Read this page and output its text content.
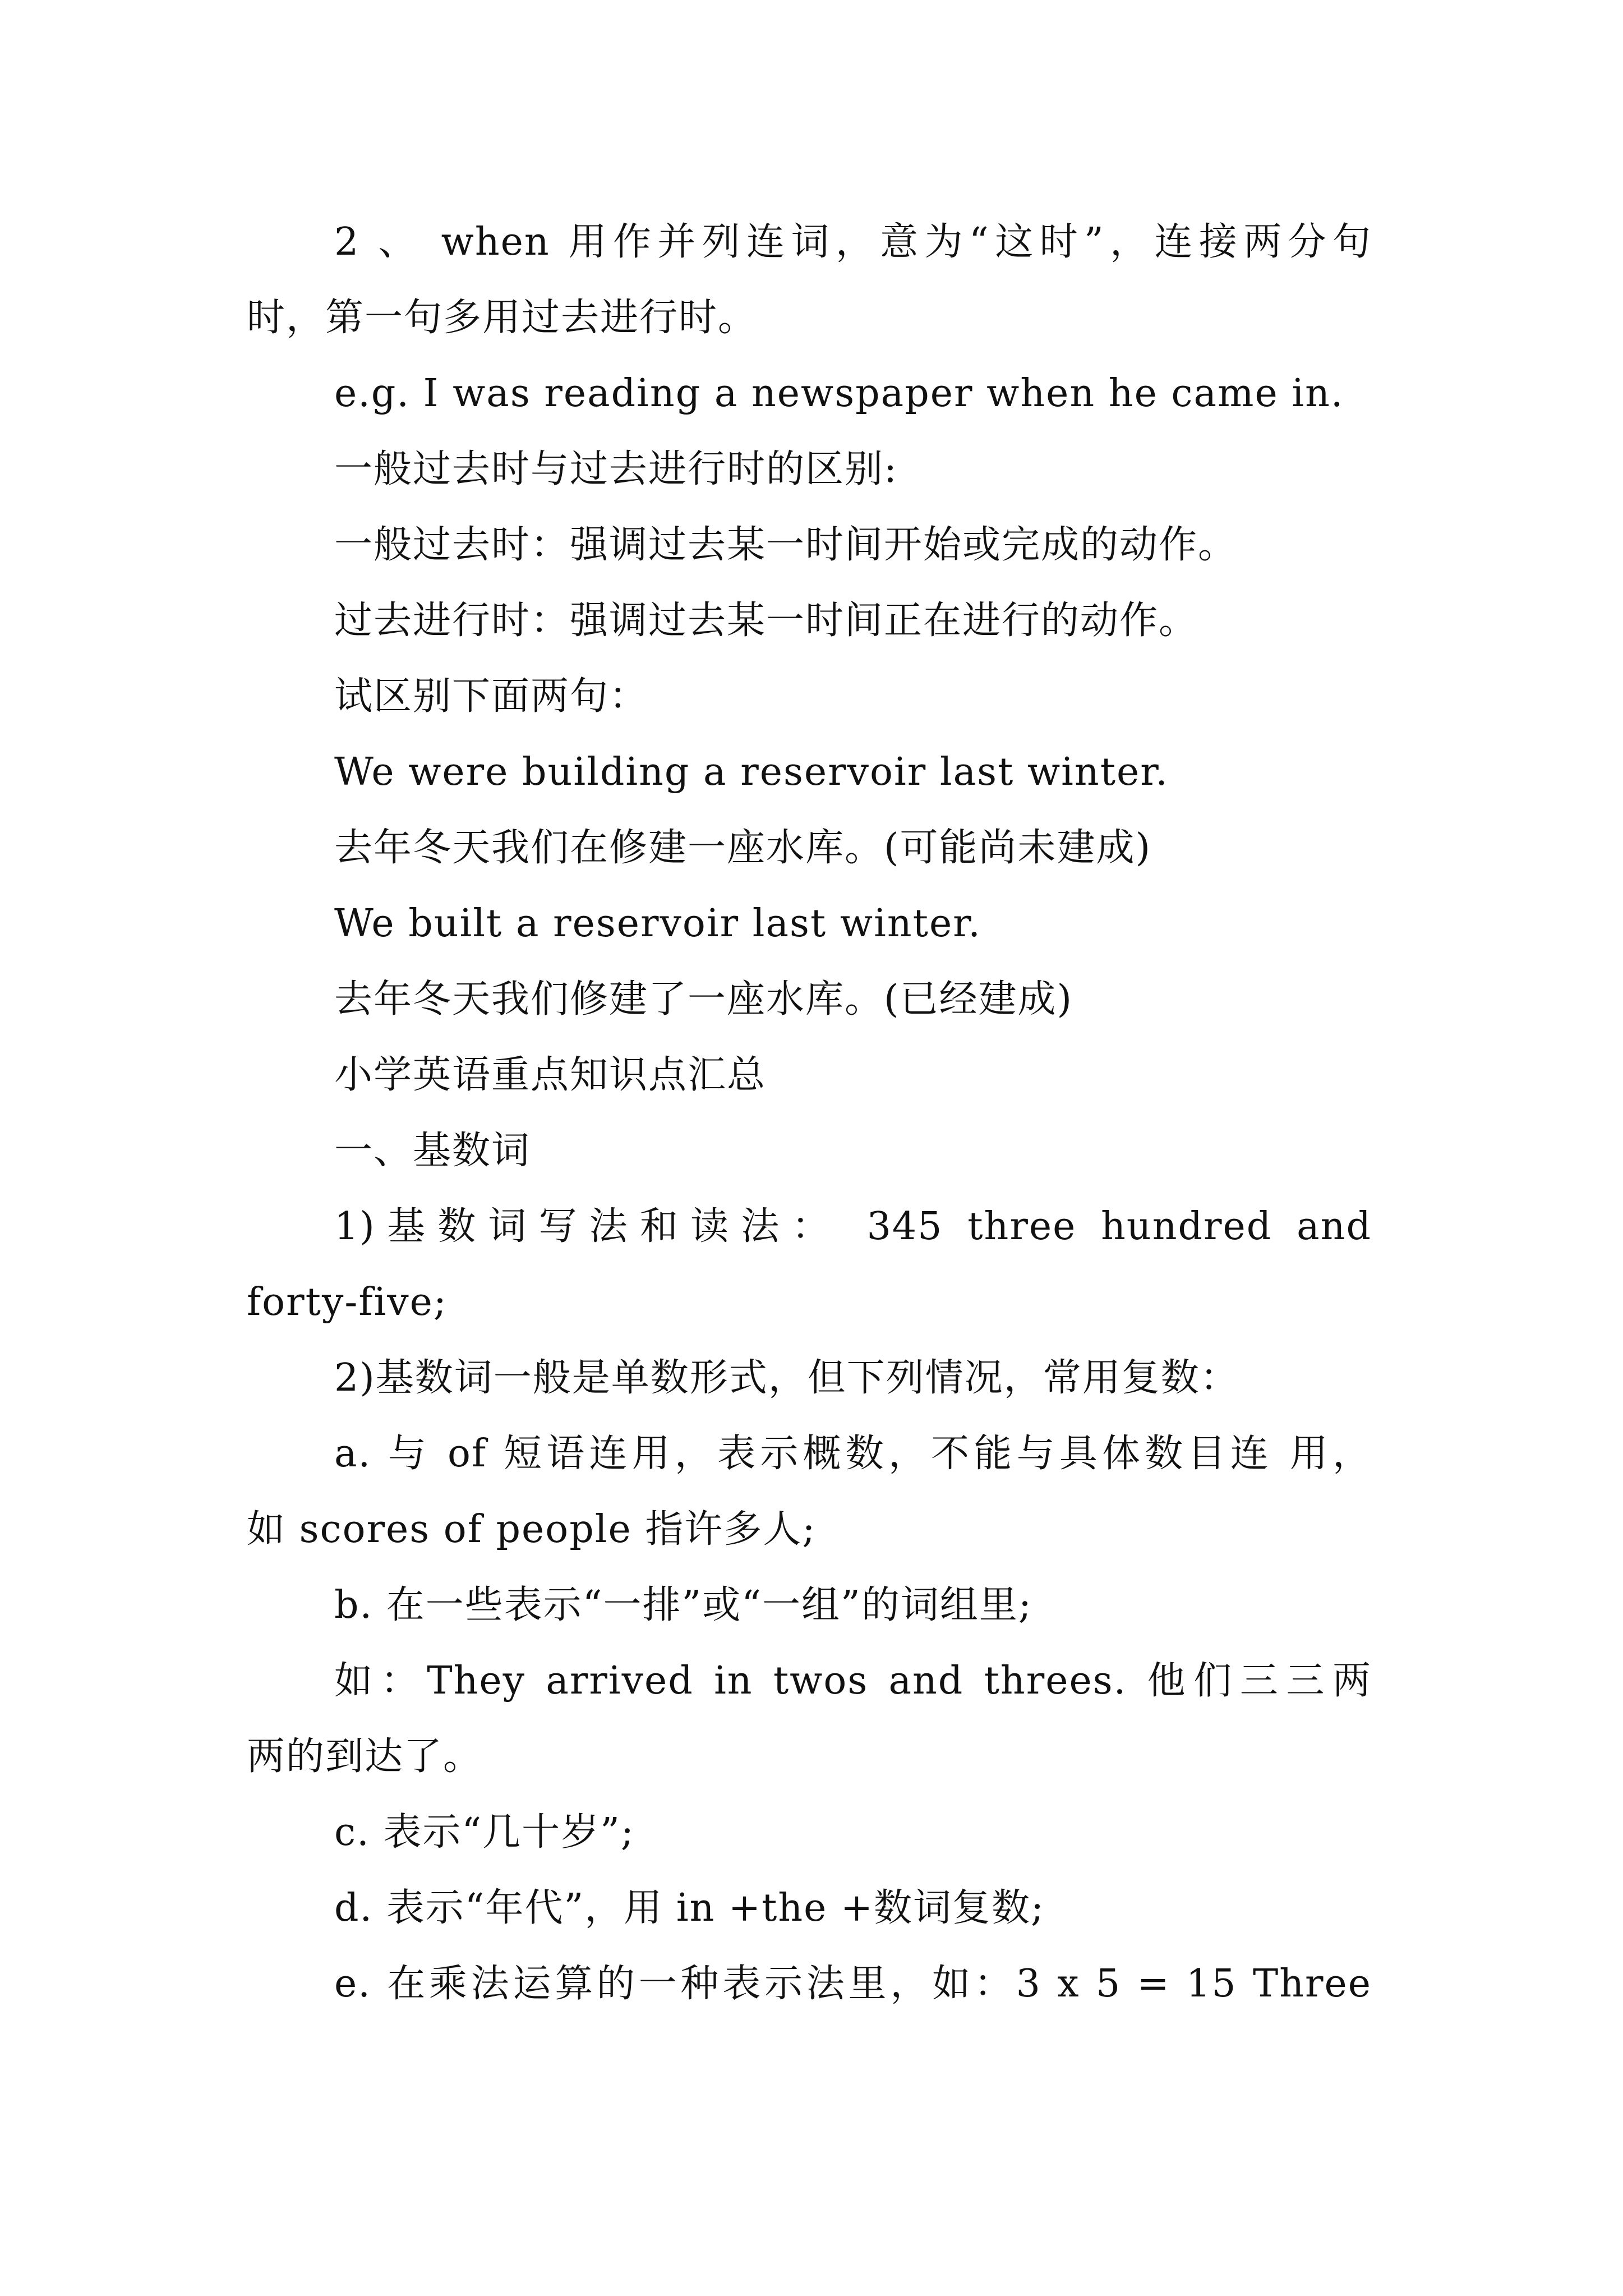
2 、 when 用作并列连词，意为“这时”，连接两分句
时，第一句多用过去进行时。
e.g. I was reading a newspaper when he came in.
一般过去时与过去进行时的区别:
一般过去时：强调过去某一时间开始或完成的动作。
过去进行时：强调过去某一时间正在进行的动作。
试区别下面两句：
We were building a reservoir last winter.
去年冬天我们在修建一座水库。(可能尚未建成)
We built a reservoir last winter.
去年冬天我们修建了一座水库。(已经建成)
小学英语重点知识点汇总
一、基数词
1)基数词写法和读法： 345 three hundred and
forty-five;
2)基数词一般是单数形式，但下列情况，常用复数：
a. 与 of 短语连用，表示概数，不能与具体数目连 用，
如 scores of people 指许多人;
b. 在一些表示“一排”或“一组”的词组里;
如：They arrived in twos and threes. 他们三三两
两的到达了。
c. 表示“几十岁”;
d. 表示“年代”，用 in +the +数词复数;
e. 在乘法运算的一种表示法里，如：3 x 5 = 15 Three
